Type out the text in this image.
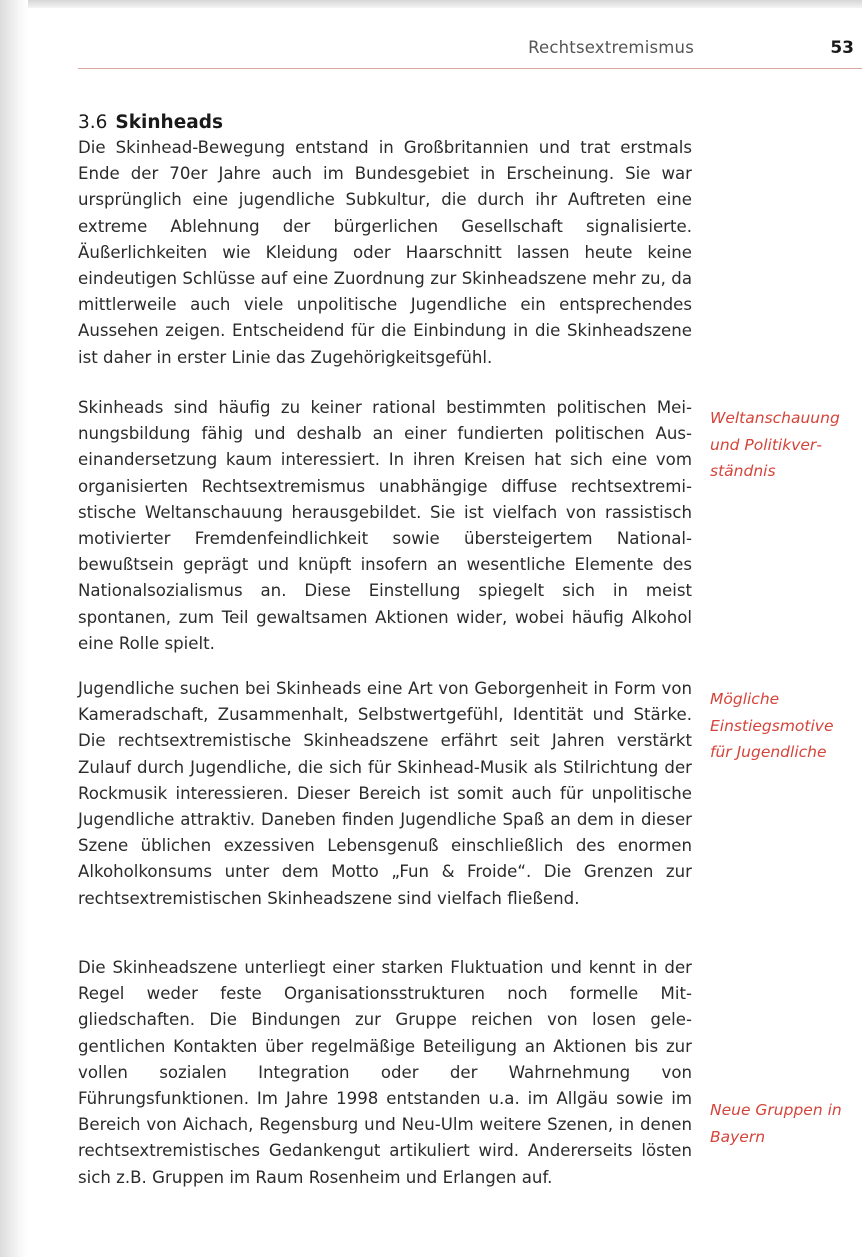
Rechtsextremismus	53
3.6 Skinheads

Die Skinhead-Bewegung entstand in Großbritannien und trat erstmals Ende der 70er Jahre auch im Bundesgebiet in Erscheinung. Sie war ursprünglich eine jugendliche Subkultur, die durch ihr Auftreten eine extreme Ablehnung der bürgerlichen Gesellschaft signalisierte. Äußerlichkeiten wie Kleidung oder Haarschnitt lassen heute keine eindeutigen Schlüsse auf eine Zuordnung zur Skinheadszene mehr zu, da mittlerweile auch viele unpolitische Jugendliche ein entsprechendes Aussehen zeigen. Entscheidend für die Einbindung in die Skinheadszene ist daher in erster Linie das Zugehörigkeitsgefühl.

Skinheads sind häufig zu keiner rational bestimmten politischen Meinungsbildung fähig und deshalb an einer fundierten politischen Auseinandersetzung kaum interessiert. In ihren Kreisen hat sich eine vom organisierten Rechtsextremismus unabhängige diffuse rechtsextremistische Weltanschauung herausgebildet. Sie ist vielfach von rassistisch motivierter Fremdenfeindlichkeit sowie übersteigertem Nationalbewußtsein geprägt und knüpft insofern an wesentliche Elemente des Nationalsozialismus an. Diese Einstellung spiegelt sich in meist spontanen, zum Teil gewaltsamen Aktionen wider, wobei häufig Alkohol eine Rolle spielt.

Jugendliche suchen bei Skinheads eine Art von Geborgenheit in Form von Kameradschaft, Zusammenhalt, Selbstwertgefühl, Identität und Stärke. Die rechtsextremistische Skinheadszene erfährt seit Jahren verstärkt Zulauf durch Jugendliche, die sich für Skinhead-Musik als Stilrichtung der Rockmusik interessieren. Dieser Bereich ist somit auch für unpolitische Jugendliche attraktiv. Daneben finden Jugendliche Spaß an dem in dieser Szene üblichen exzessiven Lebensgenuß einschließlich des enormen Alkoholkonsums unter dem Motto „Fun & Froide“. Die Grenzen zur rechtsextremistischen Skinheadszene sind vielfach fließend.

Die Skinheadszene unterliegt einer starken Fluktuation und kennt in der Regel weder feste Organisationsstrukturen noch formelle Mitgliedschaften. Die Bindungen zur Gruppe reichen von losen gelegentlichen Kontakten über regelmäßige Beteiligung an Aktionen bis zur vollen sozialen Integration oder der Wahrnehmung von Führungsfunktionen. Im Jahre 1998 entstanden u.a. im Allgäu sowie im Bereich von Aichach, Regensburg und Neu-Ulm weitere Szenen, in denen rechtsextremistisches Gedankengut artikuliert wird. Andererseits lösten sich z.B. Gruppen im Raum Rosenheim und Erlangen auf.

Weltanschauung und Politikverständnis
Mögliche Einstiegsmotive für Jugendliche
Neue Gruppen in Bayern
